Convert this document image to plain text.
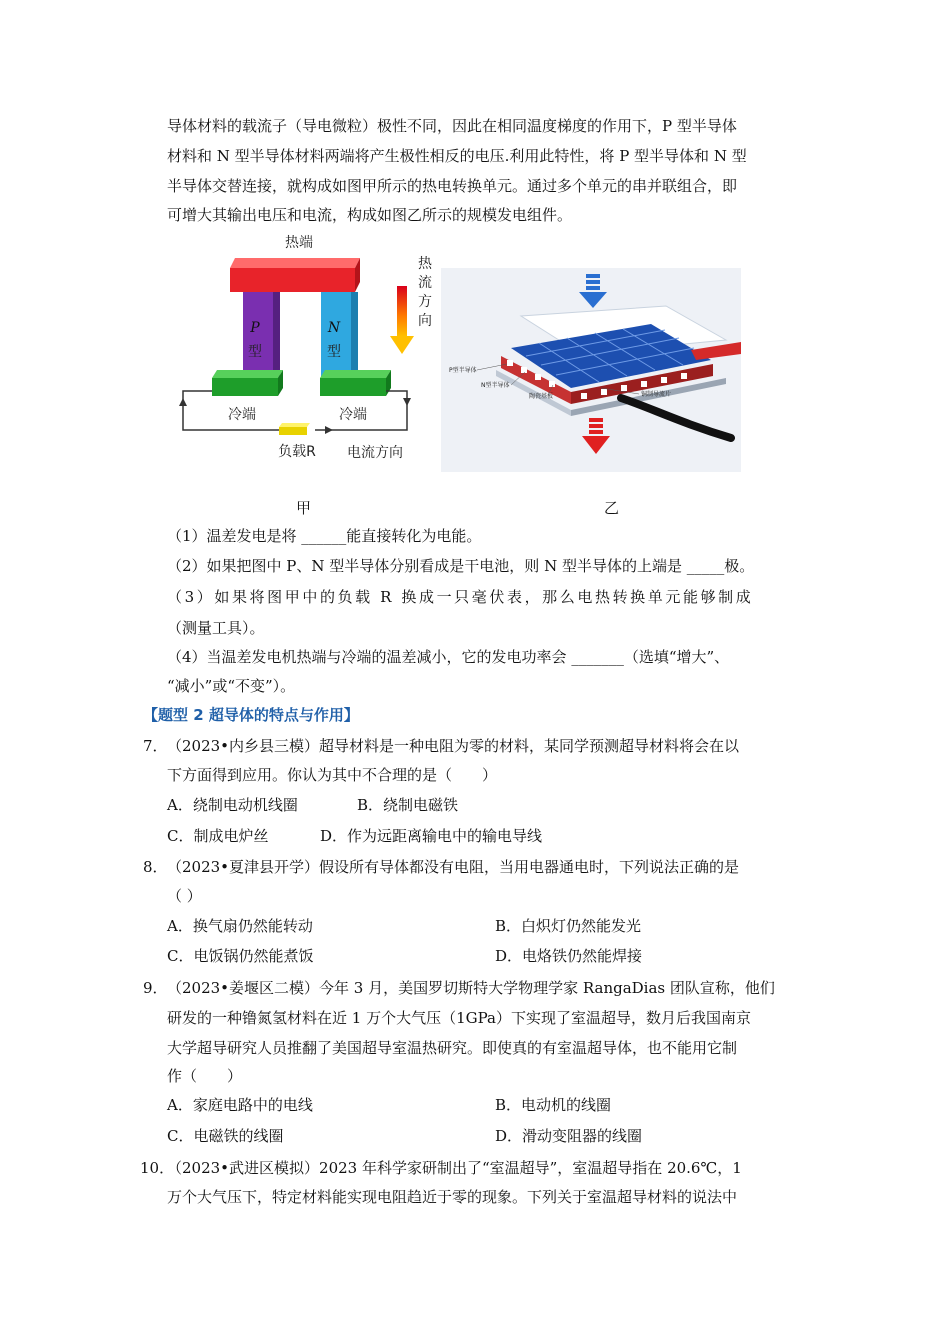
导体材料的载流子（导电微粒）极性不同，因此在相同温度梯度的作用下，P 型半导体
材料和 N 型半导体材料两端将产生极性相反的电压.利用此特性，将 P 型半导体和 N 型
半导体交替连接，就构成如图甲所示的热电转换单元。通过多个单元的串并联组合，即
可增大其输出电压和电流，构成如图乙所示的规模发电组件。
热端
P
型
N
型
冷端	冷端
负载R 电流方向
热
流
方
向
P型半导体
N型半导体
陶瓷基板	铜制导流片
甲	乙
（1）温差发电是将 ______能直接转化为电能。
（2）如果把图中 P、N 型半导体分别看成是干电池，则 N 型半导体的上端是 _____极。
（3）如果将图甲中的负载 R 换成一只毫伏表，那么电热转换单元能够制成
（测量工具）。
（4）当温差发电机热端与冷端的温差减小，它的发电功率会 _______（选填“增大”、
“减小”或“不变”）。
【题型 2 超导体的特点与作用】
7． （2023•内乡县三模）超导材料是一种电阻为零的材料，某同学预测超导材料将会在以
下方面得到应用。你认为其中不合理的是（　　）
A．绕制电动机线圈	B．绕制电磁铁
C．制成电炉丝	D．作为远距离输电中的输电导线
8． （2023•夏津县开学）假设所有导体都没有电阻，当用电器通电时，下列说法正确的是
（ ）
A．换气扇仍然能转动	B．白炽灯仍然能发光
C．电饭锅仍然能煮饭	D．电烙铁仍然能焊接
9． （2023•姜堰区二模）今年 3 月，美国罗切斯特大学物理学家 RangaDias 团队宣称，他们
研发的一种镥氮氢材料在近 1 万个大气压（1GPa）下实现了室温超导，数月后我国南京
大学超导研究人员推翻了美国超导室温热研究。即使真的有室温超导体，也不能用它制
作（　　）
A．家庭电路中的电线	B．电动机的线圈
C．电磁铁的线圈	D．滑动变阻器的线圈
10．
（2023•武进区模拟）2023 年科学家研制出了“室温超导”，室温超导指在 20.6℃，1
万个大气压下，特定材料能实现电阻趋近于零的现象。下列关于室温超导材料的说法中
